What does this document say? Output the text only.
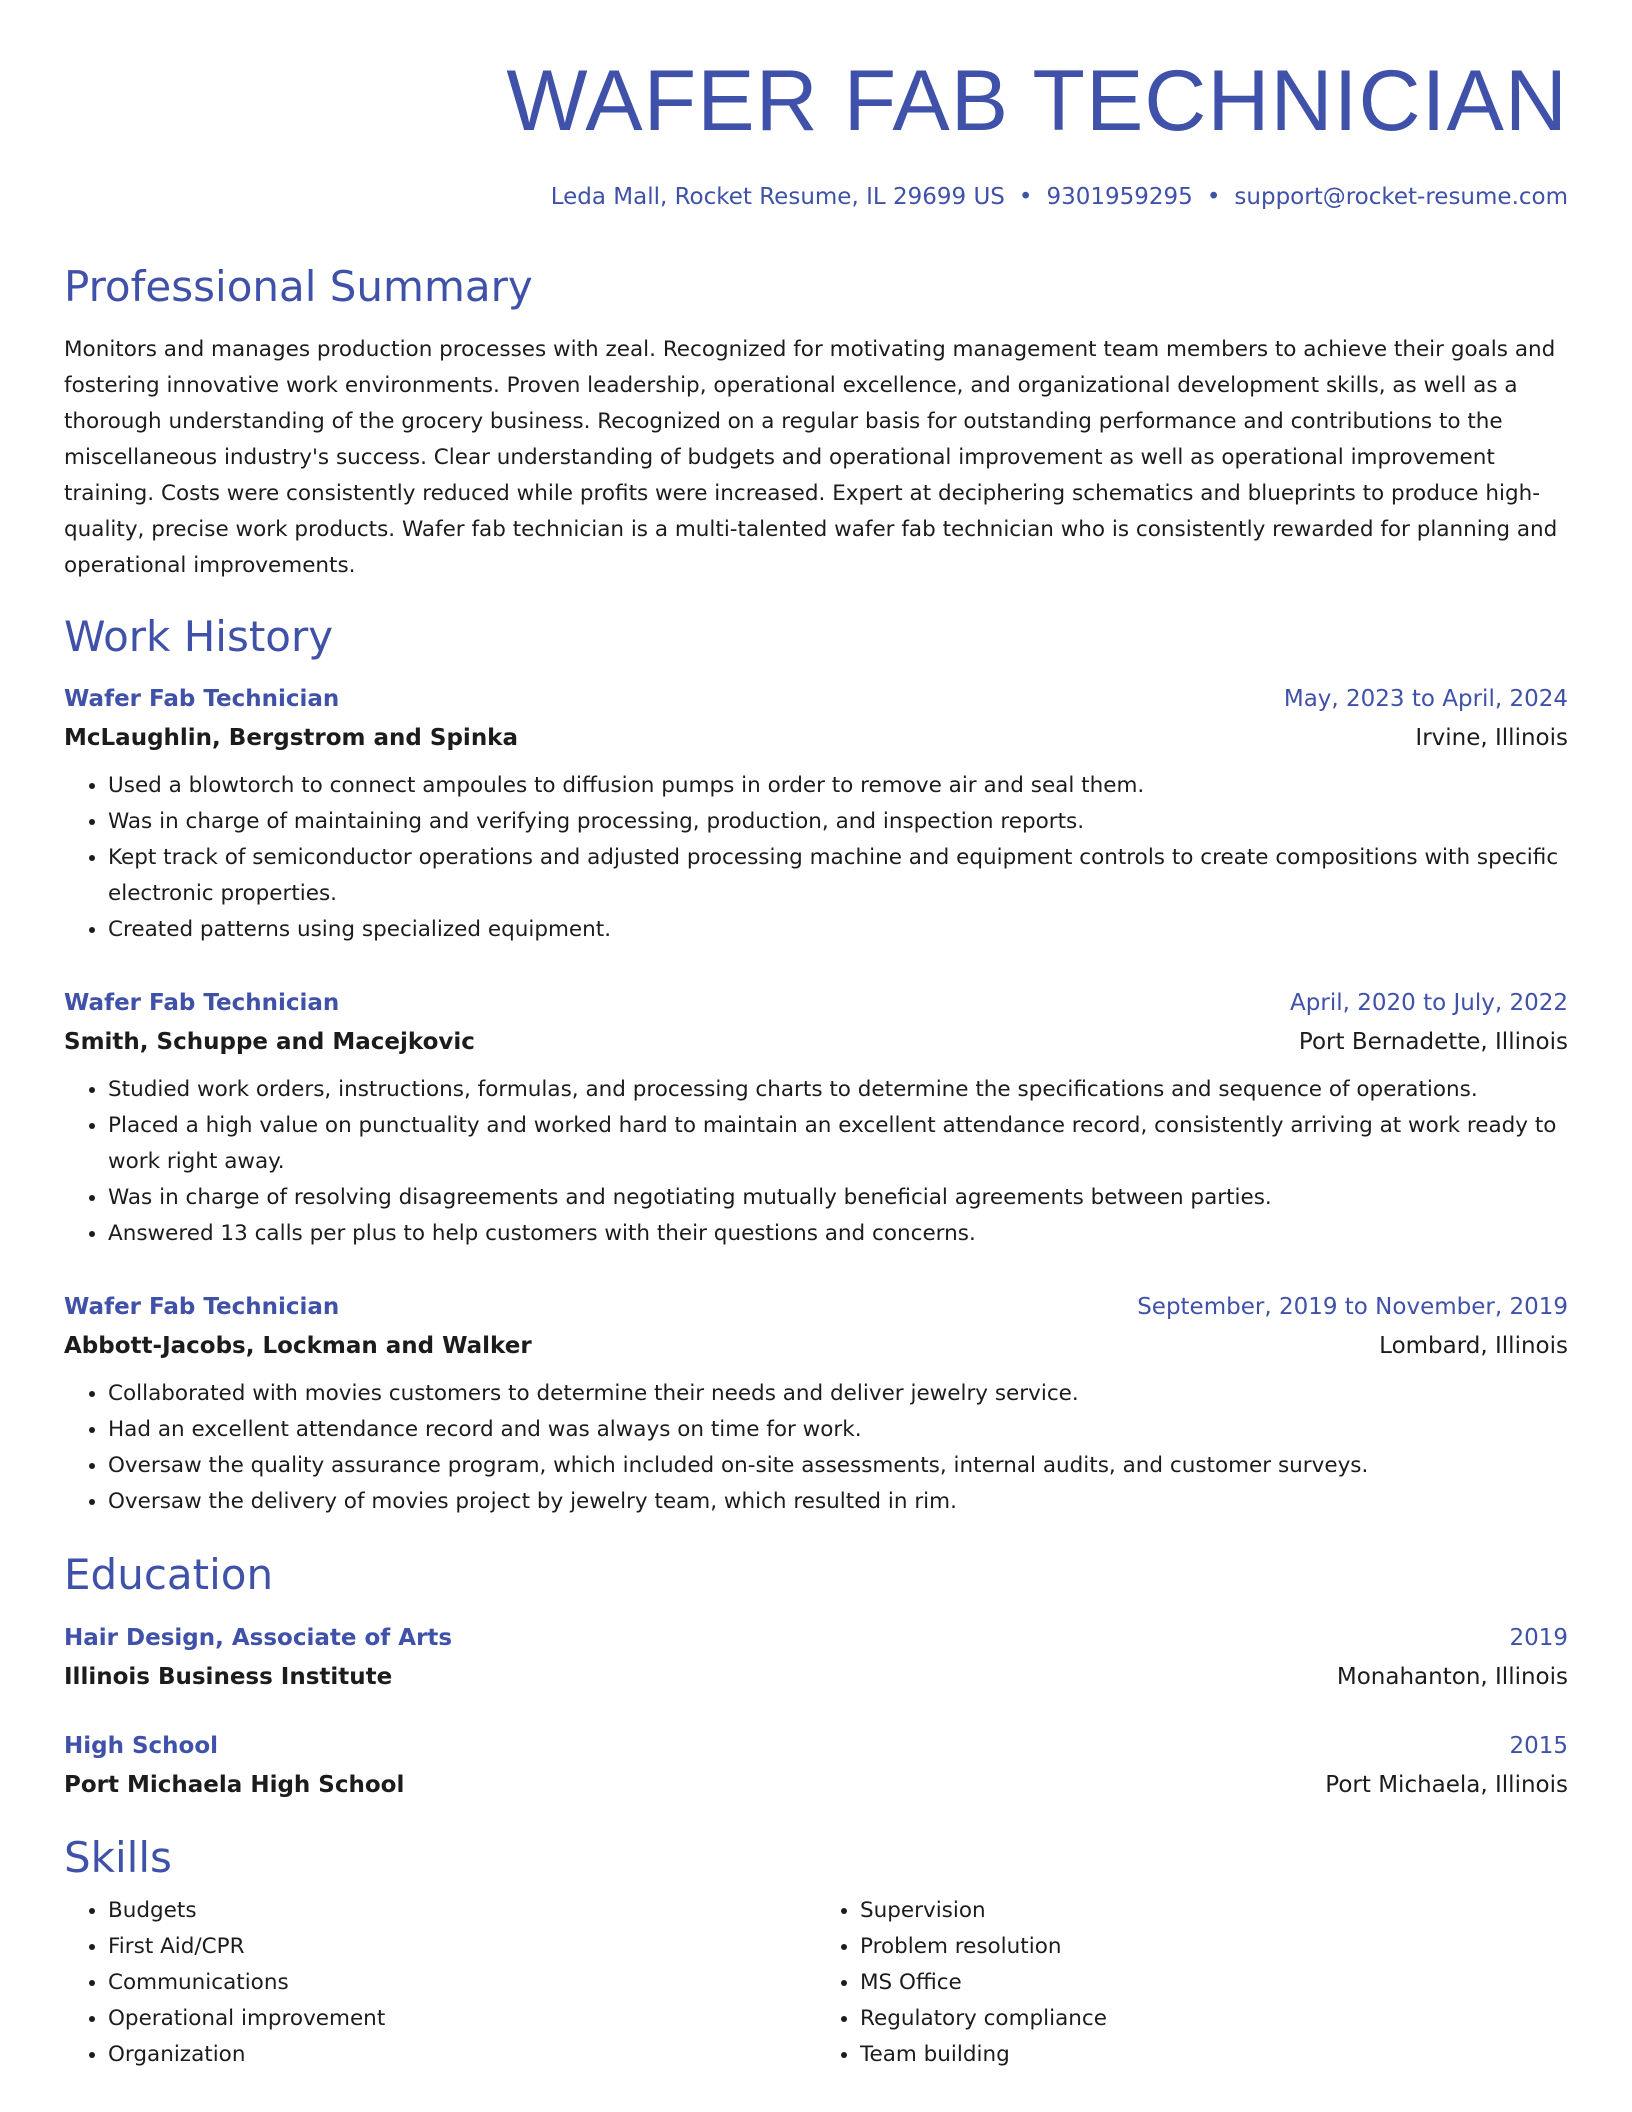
WAFER FAB TECHNICIAN
Leda Mall, Rocket Resume, IL 29699 US • 9301959295 • support@rocket-resume.com
Professional Summary
Monitors and manages production processes with zeal. Recognized for motivating management team members to achieve their goals and fostering innovative work environments. Proven leadership, operational excellence, and organizational development skills, as well as a thorough understanding of the grocery business. Recognized on a regular basis for outstanding performance and contributions to the miscellaneous industry's success. Clear understanding of budgets and operational improvement as well as operational improvement training. Costs were consistently reduced while profits were increased. Expert at deciphering schematics and blueprints to produce high-quality, precise work products. Wafer fab technician is a multi-talented wafer fab technician who is consistently rewarded for planning and operational improvements.
Work History
Wafer Fab Technician	May, 2023 to April, 2024
McLaughlin, Bergstrom and Spinka	Irvine, Illinois
• Used a blowtorch to connect ampoules to diffusion pumps in order to remove air and seal them.
• Was in charge of maintaining and verifying processing, production, and inspection reports.
• Kept track of semiconductor operations and adjusted processing machine and equipment controls to create compositions with specific electronic properties.
• Created patterns using specialized equipment.
Wafer Fab Technician	April, 2020 to July, 2022
Smith, Schuppe and Macejkovic	Port Bernadette, Illinois
• Studied work orders, instructions, formulas, and processing charts to determine the specifications and sequence of operations.
• Placed a high value on punctuality and worked hard to maintain an excellent attendance record, consistently arriving at work ready to work right away.
• Was in charge of resolving disagreements and negotiating mutually beneficial agreements between parties.
• Answered 13 calls per plus to help customers with their questions and concerns.
Wafer Fab Technician	September, 2019 to November, 2019
Abbott-Jacobs, Lockman and Walker	Lombard, Illinois
• Collaborated with movies customers to determine their needs and deliver jewelry service.
• Had an excellent attendance record and was always on time for work.
• Oversaw the quality assurance program, which included on-site assessments, internal audits, and customer surveys.
• Oversaw the delivery of movies project by jewelry team, which resulted in rim.
Education
Hair Design, Associate of Arts	2019
Illinois Business Institute	Monahanton, Illinois
High School	2015
Port Michaela High School	Port Michaela, Illinois
Skills
• Budgets
• First Aid/CPR
• Communications
• Operational improvement
• Organization
• Supervision
• Problem resolution
• MS Office
• Regulatory compliance
• Team building
